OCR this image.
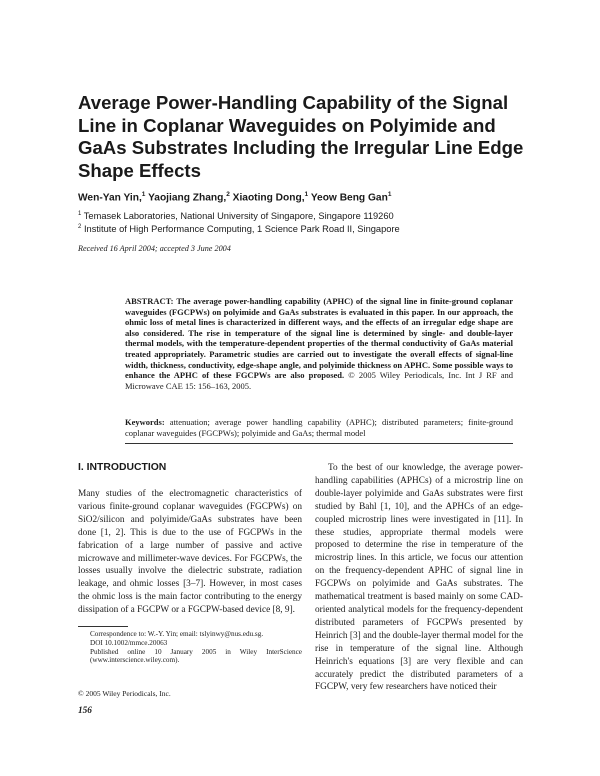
Average Power-Handling Capability of the Signal Line in Coplanar Waveguides on Polyimide and GaAs Substrates Including the Irregular Line Edge Shape Effects
Wen-Yan Yin,$^1$ Yaojiang Zhang,$^2$ Xiaoting Dong,$^1$ Yeow Beng Gan$^1$
$^1$ Temasek Laboratories, National University of Singapore, Singapore 119260
$^2$ Institute of High Performance Computing, 1 Science Park Road II, Singapore
Received 16 April 2004; accepted 3 June 2004

ABSTRACT: The average power-handling capability (APHC) of the signal line in finite-ground coplanar waveguides (FGCPWs) on polyimide and GaAs substrates is evaluated in this paper. In our approach, the ohmic loss of metal lines is characterized in different ways, and the effects of an irregular edge shape are also considered. The rise in temperature of the signal line is determined by single- and double-layer thermal models, with the temperature-dependent properties of the thermal conductivity of GaAs material treated appropriately. Parametric studies are carried out to investigate the overall effects of signal-line width, thickness, conductivity, edge-shape angle, and polyimide thickness on APHC. Some possible ways to enhance the APHC of these FGCPWs are also proposed. © 2005 Wiley Periodicals, Inc. Int J RF and Microwave CAE 15: 156–163, 2005.

Keywords: attenuation; average power handling capability (APHC); distributed parameters; finite-ground coplanar waveguides (FGCPWs); polyimide and GaAs; thermal model

I. INTRODUCTION

Many studies of the electromagnetic characteristics of various finite-ground coplanar waveguides (FGCPWs) on SiO2/silicon and polyimide/GaAs substrates have been done [1, 2]. This is due to the use of FGCPWs in the fabrication of a large number of passive and active microwave and millimeter-wave devices. For FGCPWs, the losses usually involve the dielectric substrate, radiation leakage, and ohmic losses [3–7]. However, in most cases the ohmic loss is the main factor contributing to the energy dissipation of a FGCPW or a FGCPW-based device [8, 9].

To the best of our knowledge, the average power-handling capabilities (APHCs) of a microstrip line on double-layer polyimide and GaAs substrates were first studied by Bahl [1, 10], and the APHCs of an edge-coupled microstrip lines were investigated in [11]. In these studies, appropriate thermal models were proposed to determine the rise in temperature of the microstrip lines. In this article, we focus our attention on the frequency-dependent APHC of signal line in FGCPWs on polyimide and GaAs substrates. The mathematical treatment is based mainly on some CAD-oriented analytical models for the frequency-dependent distributed parameters of FGCPWs presented by Heinrich [3] and the double-layer thermal model for the rise in temperature of the signal line. Although Heinrich's equations [3] are very flexible and can accurately predict the distributed parameters of a FGCPW, very few researchers have noticed their

Correspondence to: W.-Y. Yin; email: tslyinwy@nus.edu.sg.
DOI 10.1002/mmce.20063
Published online 10 January 2005 in Wiley InterScience (www.interscience.wiley.com).

© 2005 Wiley Periodicals, Inc.
156
